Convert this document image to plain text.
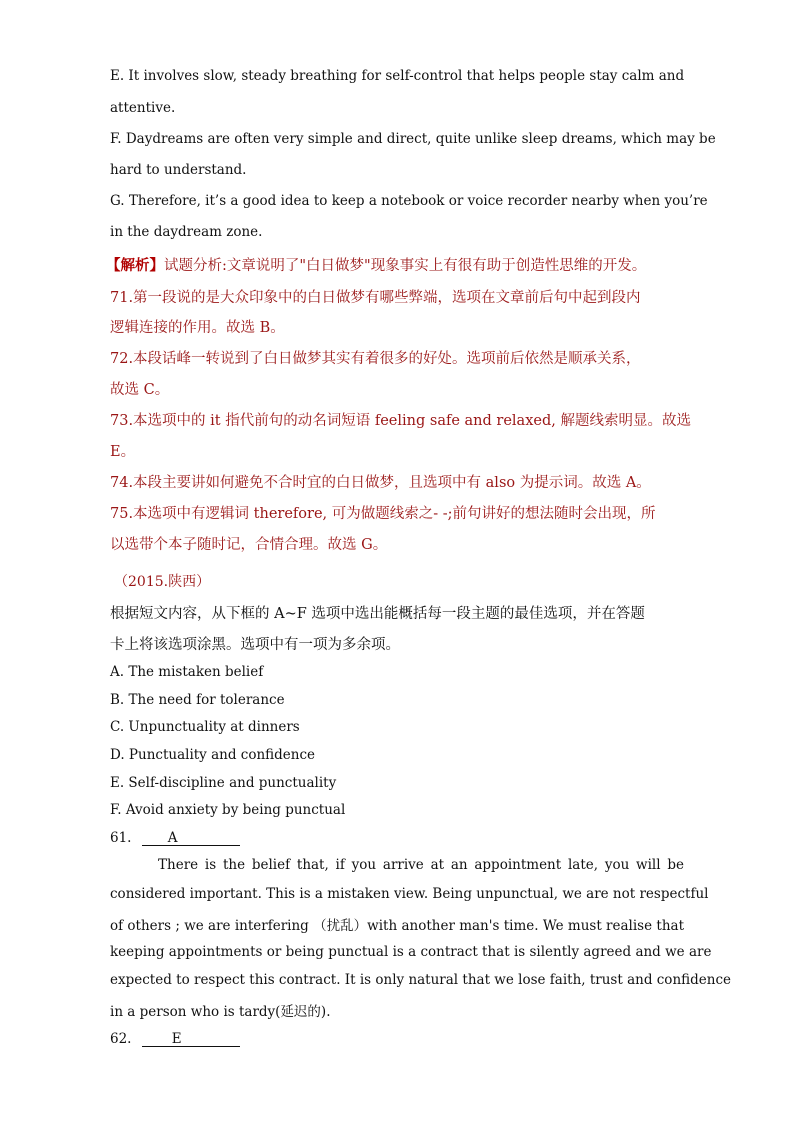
E. It involves slow, steady breathing for self-control that helps people stay calm and
attentive.
F. Daydreams are often very simple and direct, quite unlike sleep dreams, which may be
hard to understand.
G. Therefore, it’s a good idea to keep a notebook or voice recorder nearby when you’re
in the daydream zone.
【解析】试题分析:文章说明了"白日做梦"现象事实上有很有助于创造性思维的开发。
71.第一段说的是大众印象中的白日做梦有哪些弊端，选项在文章前后句中起到段内
逻辑连接的作用。故选 B。
72.本段话峰一转说到了白日做梦其实有着很多的好处。选项前后依然是顺承关系，
故选 C。
73.本选项中的 it 指代前句的动名词短语 feeling safe and relaxed, 解题线索明显。故选
E。
74.本段主要讲如何避免不合时宜的白日做梦，且选项中有 also 为提示词。故选 A。
75.本选项中有逻辑词 therefore, 可为做题线索之- -;前句讲好的想法随时会出现，所
以选带个本子随时记，合情合理。故选 G。
（2015.陕西）
根据短文内容，从下框的 A~F 选项中选出能概括每一段主题的最佳选项，并在答题
卡上将该选项涂黑。选项中有一项为多余项。
A. The mistaken belief
B. The need for tolerance
C. Unpunctuality at dinners
D. Punctuality and confidence
E. Self-discipline and punctuality
F. Avoid anxiety by being punctual
61.	A
There is the belief that, if you arrive at an appointment late, you will be
considered important. This is a mistaken view. Being unpunctual, we are not respectful
of others ; we are interfering （扰乱）with another man's time. We must realise that
keeping appointments or being punctual is a contract that is silently agreed and we are
expected to respect this contract. It is only natural that we lose faith, trust and confidence
in a person who is tardy(延迟的).
62.	E
